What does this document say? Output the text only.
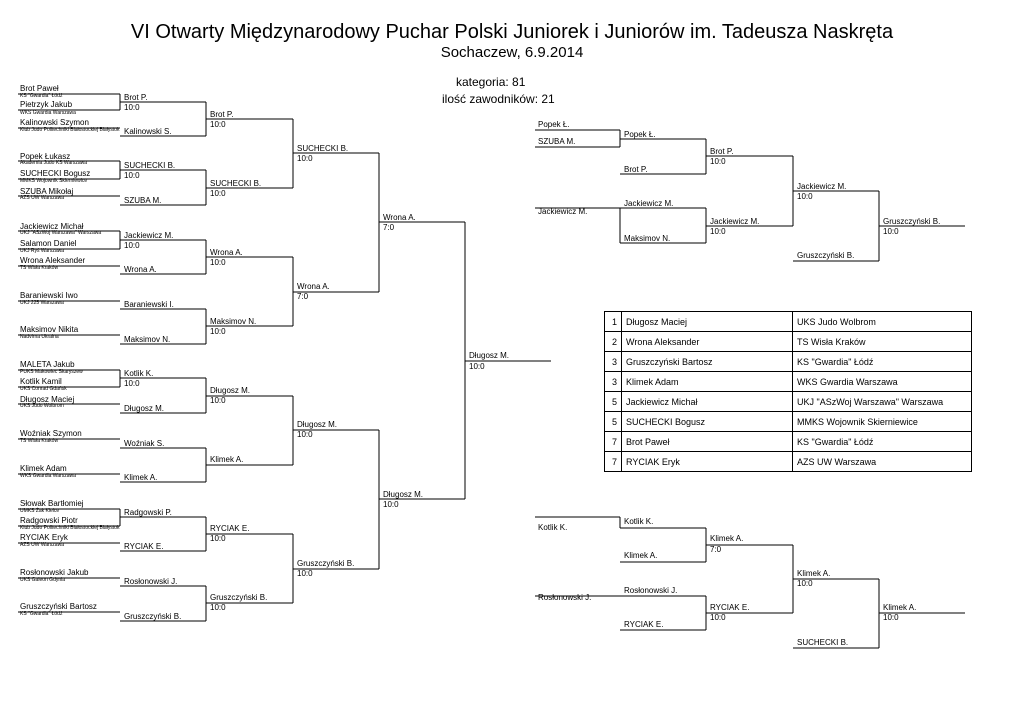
VI Otwarty Międzynarodowy Puchar Polski Juniorek i Juniorów im. Tadeusza Naskręta
Sochaczew, 6.9.2014
kategoria: 81
ilość zawodników: 21
Brot Paweł
KS "Gwardia" Łódź
Pietrzyk Jakub
WKS Gwardia Warszawa
Kalinowski Szymon
Klub Judo Politechniki Białostockiej Białystok
Popek Łukasz
Akademia Judo KS Warszawa
SUCHECKI Bogusz
MMKS Wojownik Skierniewice
SZUBA Mikołaj
AZS UW Warszawa
Jackiewicz Michał
UKJ "ASzWoj Warszawa" Warszawa
Salamon Daniel
UKJ Ryś Warszawa
Wrona Aleksander
TS Wisła Kraków
Baraniewski Iwo
UKJ 225 Warszawa
Maksimov Nikita
Nadvirna Ukraina
MALETA Jakub
PUKS Makowiec Skaryszew
Kotlik Kamil
UKS Conrad Gdańsk
Długosz Maciej
UKS Judo Wolbrom
Woźniak Szymon
TS Wisła Kraków
Klimek Adam
WKS Gwardia Warszawa
Słowak Bartłomiej
UMKS Żak Kielce
Radgowski Piotr
Klub Judo Politechniki Białostockiej Białystok
RYCIAK Eryk
AZS UW Warszawa
Rosłonowski Jakub
UKS Galeon Gdynia
Gruszczyński Bartosz
KS "Gwardia" Łódź
Brot P.
10:0
Kalinowski S.
SUCHECKI B.
10:0
SZUBA M.
Jackiewicz M.
10:0
Wrona A.
Baraniewski I.
Maksimov N.
Kotlik K.
10:0
Długosz M.
Woźniak S.
Klimek A.
Radgowski P.
RYCIAK E.
Rosłonowski J.
Gruszczyński B.
Brot P.
10:0
SUCHECKI B.
10:0
Wrona A.
10:0
Maksimov N.
10:0
Długosz M.
10:0
Klimek A.
RYCIAK E.
10:0
Gruszczyński B.
10:0
SUCHECKI B.
10:0
Wrona A.
7:0
Długosz M.
10:0
Gruszczyński B.
10:0
Wrona A.
7:0
Długosz M.
10:0
Długosz M.
10:0
Popek Ł.
SZUBA M.
Popek Ł.
Brot P.
Brot P.
10:0
Jackiewicz M.
Jackiewicz M.
Maksimov N.
Jackiewicz M.
10:0
Jackiewicz M.
10:0
Gruszczyński B.
Gruszczyński B.
10:0
Kotlik K.
Kotlik K.
Klimek A.
Klimek A.
7:0
Rosłonowski J.
Rosłonowski J.
RYCIAK E.
RYCIAK E.
10:0
Klimek A.
10:0
SUCHECKI B.
Klimek A.
10:0
1	Długosz Maciej	UKS Judo Wolbrom
2	Wrona Aleksander	TS Wisła Kraków
3	Gruszczyński Bartosz	KS "Gwardia" Łódź
3	Klimek Adam	WKS Gwardia Warszawa
5	Jackiewicz Michał	UKJ "ASzWoj Warszawa" Warszawa
5	SUCHECKI Bogusz	MMKS Wojownik Skierniewice
7	Brot Paweł	KS "Gwardia" Łódź
7	RYCIAK Eryk	AZS UW Warszawa
